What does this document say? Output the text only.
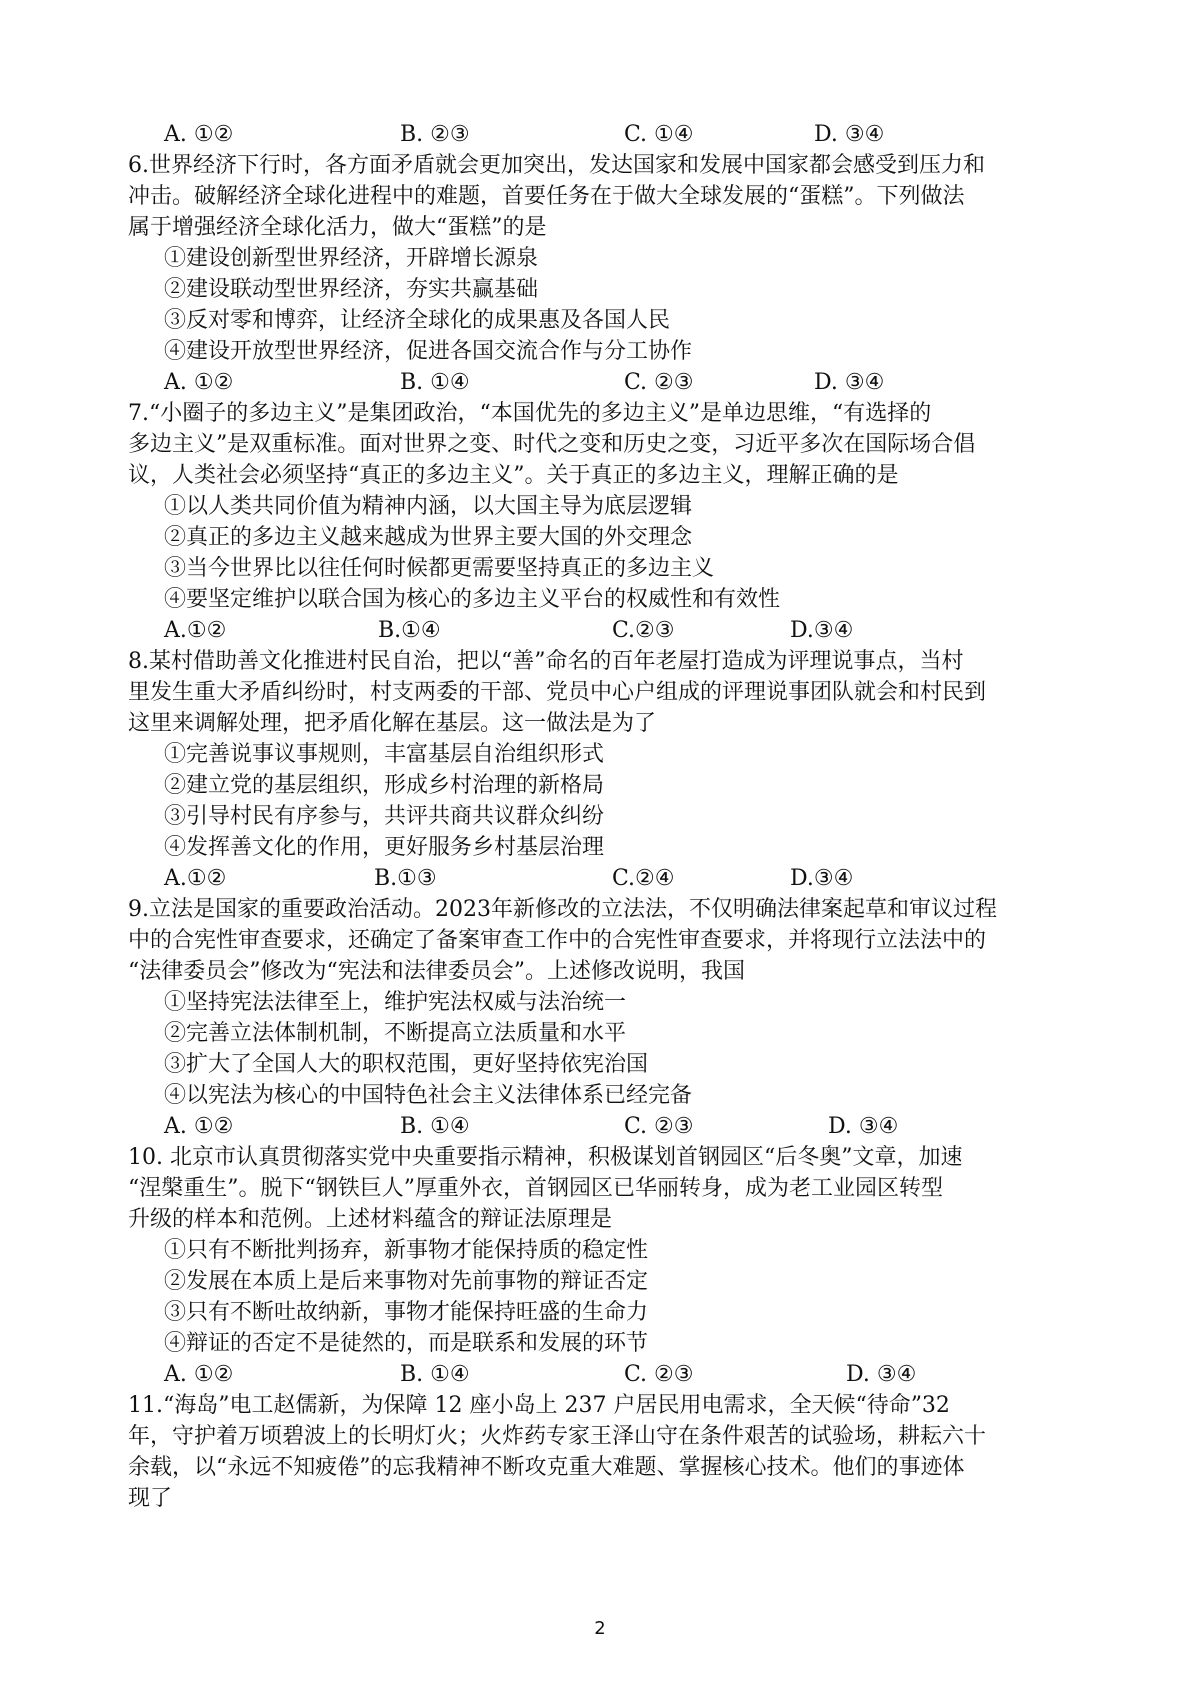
A. ①②	B. ②③	C. ①④	D. ③④
6.世界经济下行时，各方面矛盾就会更加突出，发达国家和发展中国家都会感受到压力和
冲击。破解经济全球化进程中的难题，首要任务在于做大全球发展的“蛋糕”。下列做法
属于增强经济全球化活力，做大“蛋糕”的是
①建设创新型世界经济，开辟增长源泉
②建设联动型世界经济，夯实共赢基础
③反对零和博弈，让经济全球化的成果惠及各国人民
④建设开放型世界经济，促进各国交流合作与分工协作
A. ①②	B. ①④	C. ②③	D. ③④
7.“小圈子的多边主义”是集团政治，“本国优先的多边主义”是单边思维，“有选择的
多边主义”是双重标准。面对世界之变、时代之变和历史之变，习近平多次在国际场合倡
议，人类社会必须坚持“真正的多边主义”。关于真正的多边主义，理解正确的是
①以人类共同价值为精神内涵，以大国主导为底层逻辑
②真正的多边主义越来越成为世界主要大国的外交理念
③当今世界比以往任何时候都更需要坚持真正的多边主义
④要坚定维护以联合国为核心的多边主义平台的权威性和有效性
A.①②	B.①④	C.②③	D.③④
8.某村借助善文化推进村民自治，把以“善”命名的百年老屋打造成为评理说事点，当村
里发生重大矛盾纠纷时，村支两委的干部、党员中心户组成的评理说事团队就会和村民到
这里来调解处理，把矛盾化解在基层。这一做法是为了
①完善说事议事规则，丰富基层自治组织形式
②建立党的基层组织，形成乡村治理的新格局
③引导村民有序参与，共评共商共议群众纠纷
④发挥善文化的作用，更好服务乡村基层治理
A.①②	B.①③	C.②④	D.③④
9.立法是国家的重要政治活动。2023年新修改的立法法，不仅明确法律案起草和审议过程
中的合宪性审查要求，还确定了备案审查工作中的合宪性审查要求，并将现行立法法中的
“法律委员会”修改为“宪法和法律委员会”。上述修改说明，我国
①坚持宪法法律至上，维护宪法权威与法治统一
②完善立法体制机制，不断提高立法质量和水平
③扩大了全国人大的职权范围，更好坚持依宪治国
④以宪法为核心的中国特色社会主义法律体系已经完备
A. ①②	B. ①④	C. ②③	D. ③④
10. 北京市认真贯彻落实党中央重要指示精神，积极谋划首钢园区“后冬奥”文章，加速
“涅槃重生”。脱下“钢铁巨人”厚重外衣，首钢园区已华丽转身，成为老工业园区转型
升级的样本和范例。上述材料蕴含的辩证法原理是
①只有不断批判扬弃，新事物才能保持质的稳定性
②发展在本质上是后来事物对先前事物的辩证否定
③只有不断吐故纳新，事物才能保持旺盛的生命力
④辩证的否定不是徒然的，而是联系和发展的环节
A. ①②	B. ①④	C. ②③	D. ③④
11.“海岛”电工赵儒新，为保障 12 座小岛上 237 户居民用电需求，全天候“待命”32
年，守护着万顷碧波上的长明灯火；火炸药专家王泽山守在条件艰苦的试验场，耕耘六十
余载，以“永远不知疲倦”的忘我精神不断攻克重大难题、掌握核心技术。他们的事迹体
现了
2
